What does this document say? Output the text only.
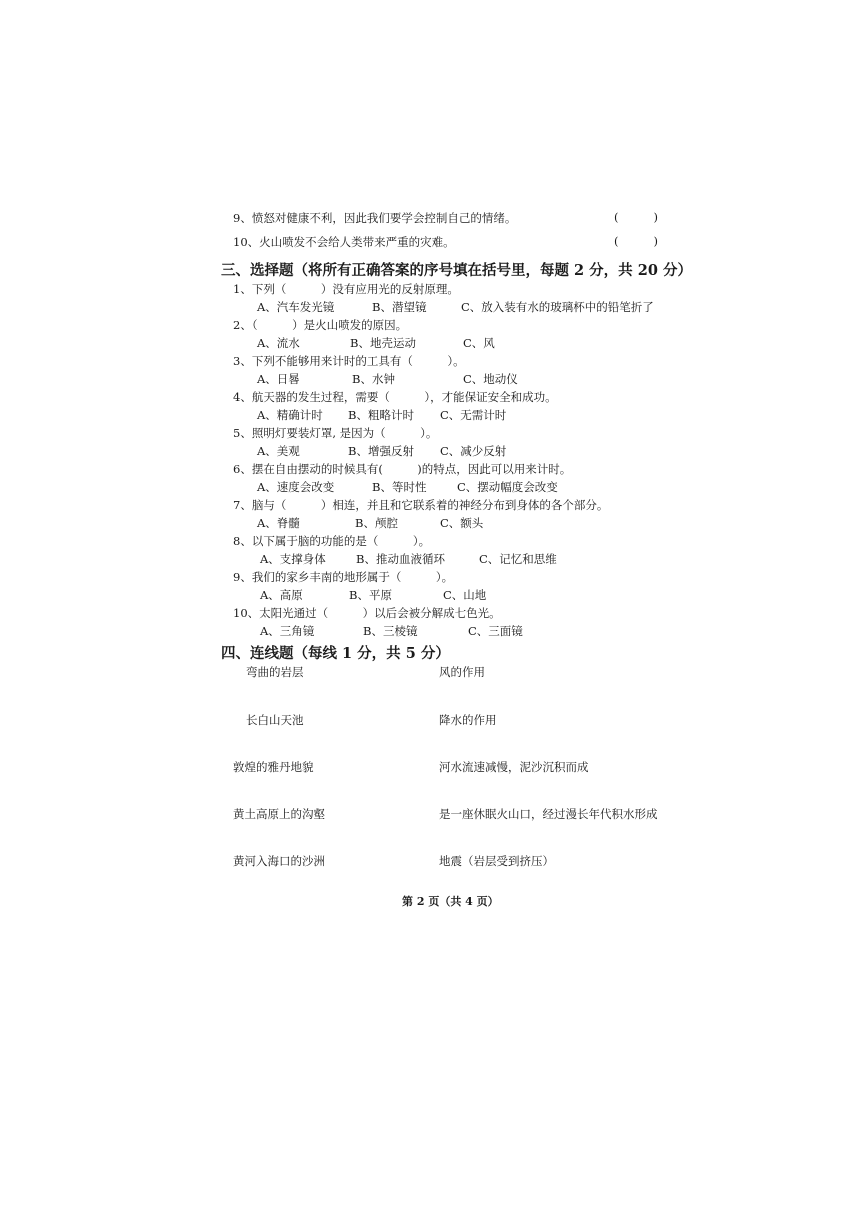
9、愤怒对健康不利，因此我们要学会控制自己的情绪。
( )
10、火山喷发不会给人类带来严重的灾难。
( )
三、选择题（将所有正确答案的序号填在括号里，每题 2 分，共 20 分）
1、下列（　　　）没有应用光的反射原理。
A、汽车发光镜	B、潜望镜	C、放入装有水的玻璃杯中的铅笔折了
2、（　　　）是火山喷发的原因。
A、流水	B、地壳运动	C、风
3、下列不能够用来计时的工具有（　　　）。
A、日晷	B、水钟	C、地动仪
4、航天器的发生过程，需要（　　　），才能保证安全和成功。
A、精确计时 B、粗略计时 C、无需计时
5、照明灯要装灯罩, 是因为（　　　）。
A、美观	B、增强反射 C、减少反射
6、摆在自由摆动的时候具有(　　　)的特点，因此可以用来计时。
A、速度会改变	B、等时性	C、摆动幅度会改变
7、脑与（　　　）相连，并且和它联系着的神经分布到身体的各个部分。
A、脊髓	B、颅腔	C、额头
8、以下属于脑的功能的是（　　　）。
A、支撑身体	B、推动血液循环	C、记忆和思维
9、我们的家乡丰南的地形属于（　　　）。
A、高原	B、平原	C、山地
10、太阳光通过（　　　）以后会被分解成七色光。
A、三角镜	B、三棱镜	C、三面镜
四、连线题（每线 1 分，共 5 分）
弯曲的岩层	风的作用
长白山天池	降水的作用
敦煌的雅丹地貌	河水流速减慢，泥沙沉积而成
黄土高原上的沟壑	是一座休眠火山口，经过漫长年代积水形成
黄河入海口的沙洲	地震（岩层受到挤压）
第 2 页（共 4 页）
